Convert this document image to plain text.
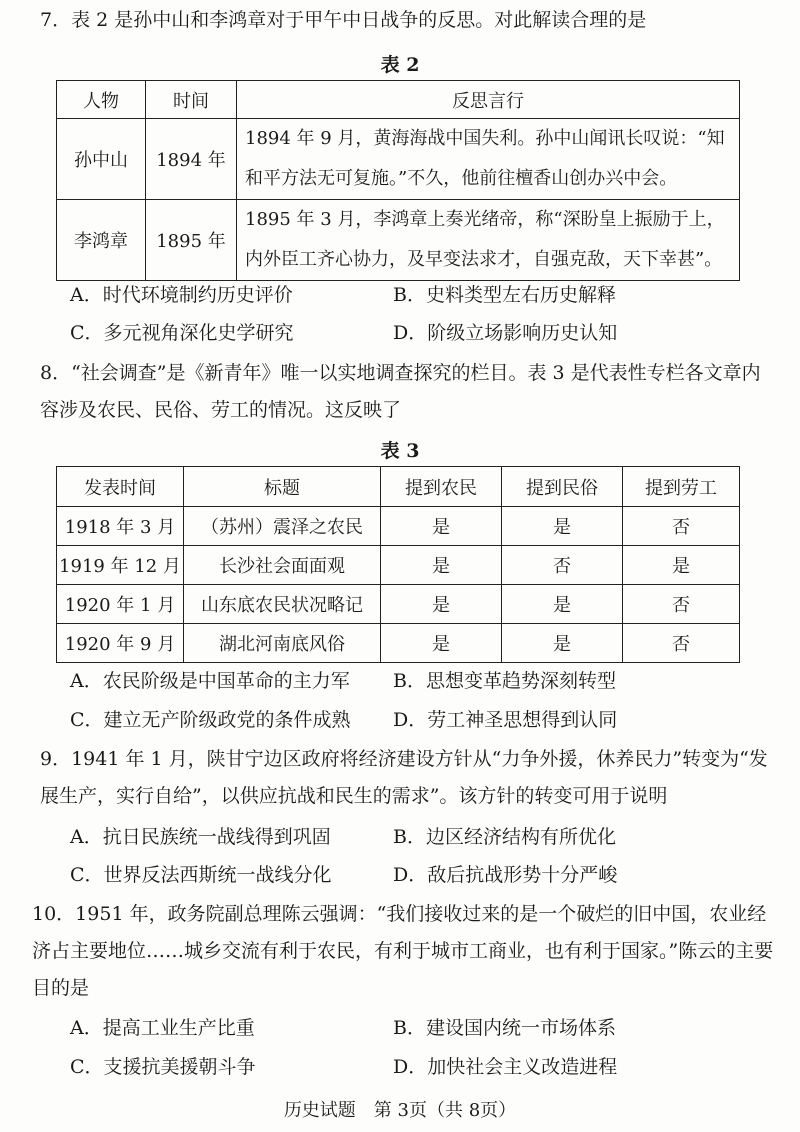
7．表 2 是孙中山和李鸿章对于甲午中日战争的反思。对此解读合理的是
表 2
人物	时间	反思言行
孙中山	1894 年	1894 年 9 月，黄海海战中国失利。孙中山闻讯长叹说：“知和平方法无可复施。”不久，他前往檀香山创办兴中会。
李鸿章	1895 年	1895 年 3 月，李鸿章上奏光绪帝，称“深盼皇上振励于上，内外臣工齐心协力，及早变法求才，自强克敌，天下幸甚”。
A．时代环境制约历史评价	B．史料类型左右历史解释
C．多元视角深化史学研究	D．阶级立场影响历史认知
8．“社会调查”是《新青年》唯一以实地调查探究的栏目。表 3 是代表性专栏各文章内容涉及农民、民俗、劳工的情况。这反映了
表 3
发表时间	标题	提到农民	提到民俗	提到劳工
1918 年 3 月	（苏州）震泽之农民	是	是	否
1919 年 12 月	长沙社会面面观	是	否	是
1920 年 1 月	山东底农民状况略记	是	是	否
1920 年 9 月	湖北河南底风俗	是	是	否
A．农民阶级是中国革命的主力军 B．思想变革趋势深刻转型
C．建立无产阶级政党的条件成熟 D．劳工神圣思想得到认同
9．1941 年 1 月，陕甘宁边区政府将经济建设方针从“力争外援，休养民力”转变为“发展生产，实行自给”，以供应抗战和民生的需求”。该方针的转变可用于说明
A．抗日民族统一战线得到巩固	B．边区经济结构有所优化
C．世界反法西斯统一战线分化	D．敌后抗战形势十分严峻
10．1951 年，政务院副总理陈云强调：“我们接收过来的是一个破烂的旧中国，农业经济占主要地位……城乡交流有利于农民，有利于城市工商业，也有利于国家。”陈云的主要目的是
A．提高工业生产比重	B．建设国内统一市场体系
C．支援抗美援朝斗争	D．加快社会主义改造进程
历史试题　第 3页（共 8页）
